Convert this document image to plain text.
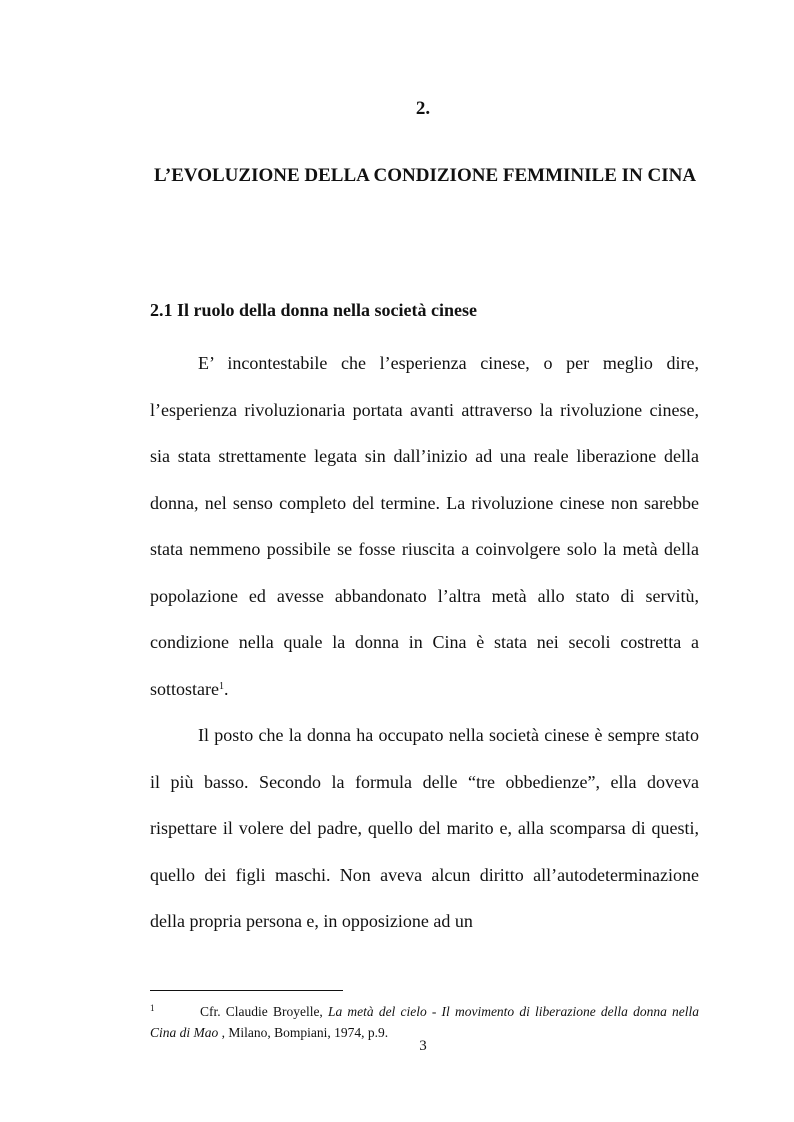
2.
L’EVOLUZIONE DELLA CONDIZIONE FEMMINILE IN CINA
2.1 Il ruolo della donna nella società cinese

E’ incontestabile che l’esperienza cinese, o per meglio dire, l’esperienza rivoluzionaria portata avanti attraverso la rivoluzione cinese, sia stata strettamente legata sin dall’inizio ad una reale liberazione della donna, nel senso completo del termine. La rivoluzione cinese non sarebbe stata nemmeno possibile se fosse riuscita a coinvolgere solo la metà della popolazione ed avesse abbandonato l’altra metà allo stato di servitù, condizione nella quale la donna in Cina è stata nei secoli costretta a sottostare$^1$.

Il posto che la donna ha occupato nella società cinese è sempre stato il più basso. Secondo la formula delle “tre obbedienze”, ella doveva rispettare il volere del padre, quello del marito e, alla scomparsa di questi, quello dei figli maschi. Non aveva alcun diritto all’autodeterminazione della propria persona e, in opposizione ad un

1	Cfr. Claudie Broyelle, La metà del cielo - Il movimento di liberazione della donna nella Cina di Mao , Milano, Bompiani, 1974, p.9.
3
